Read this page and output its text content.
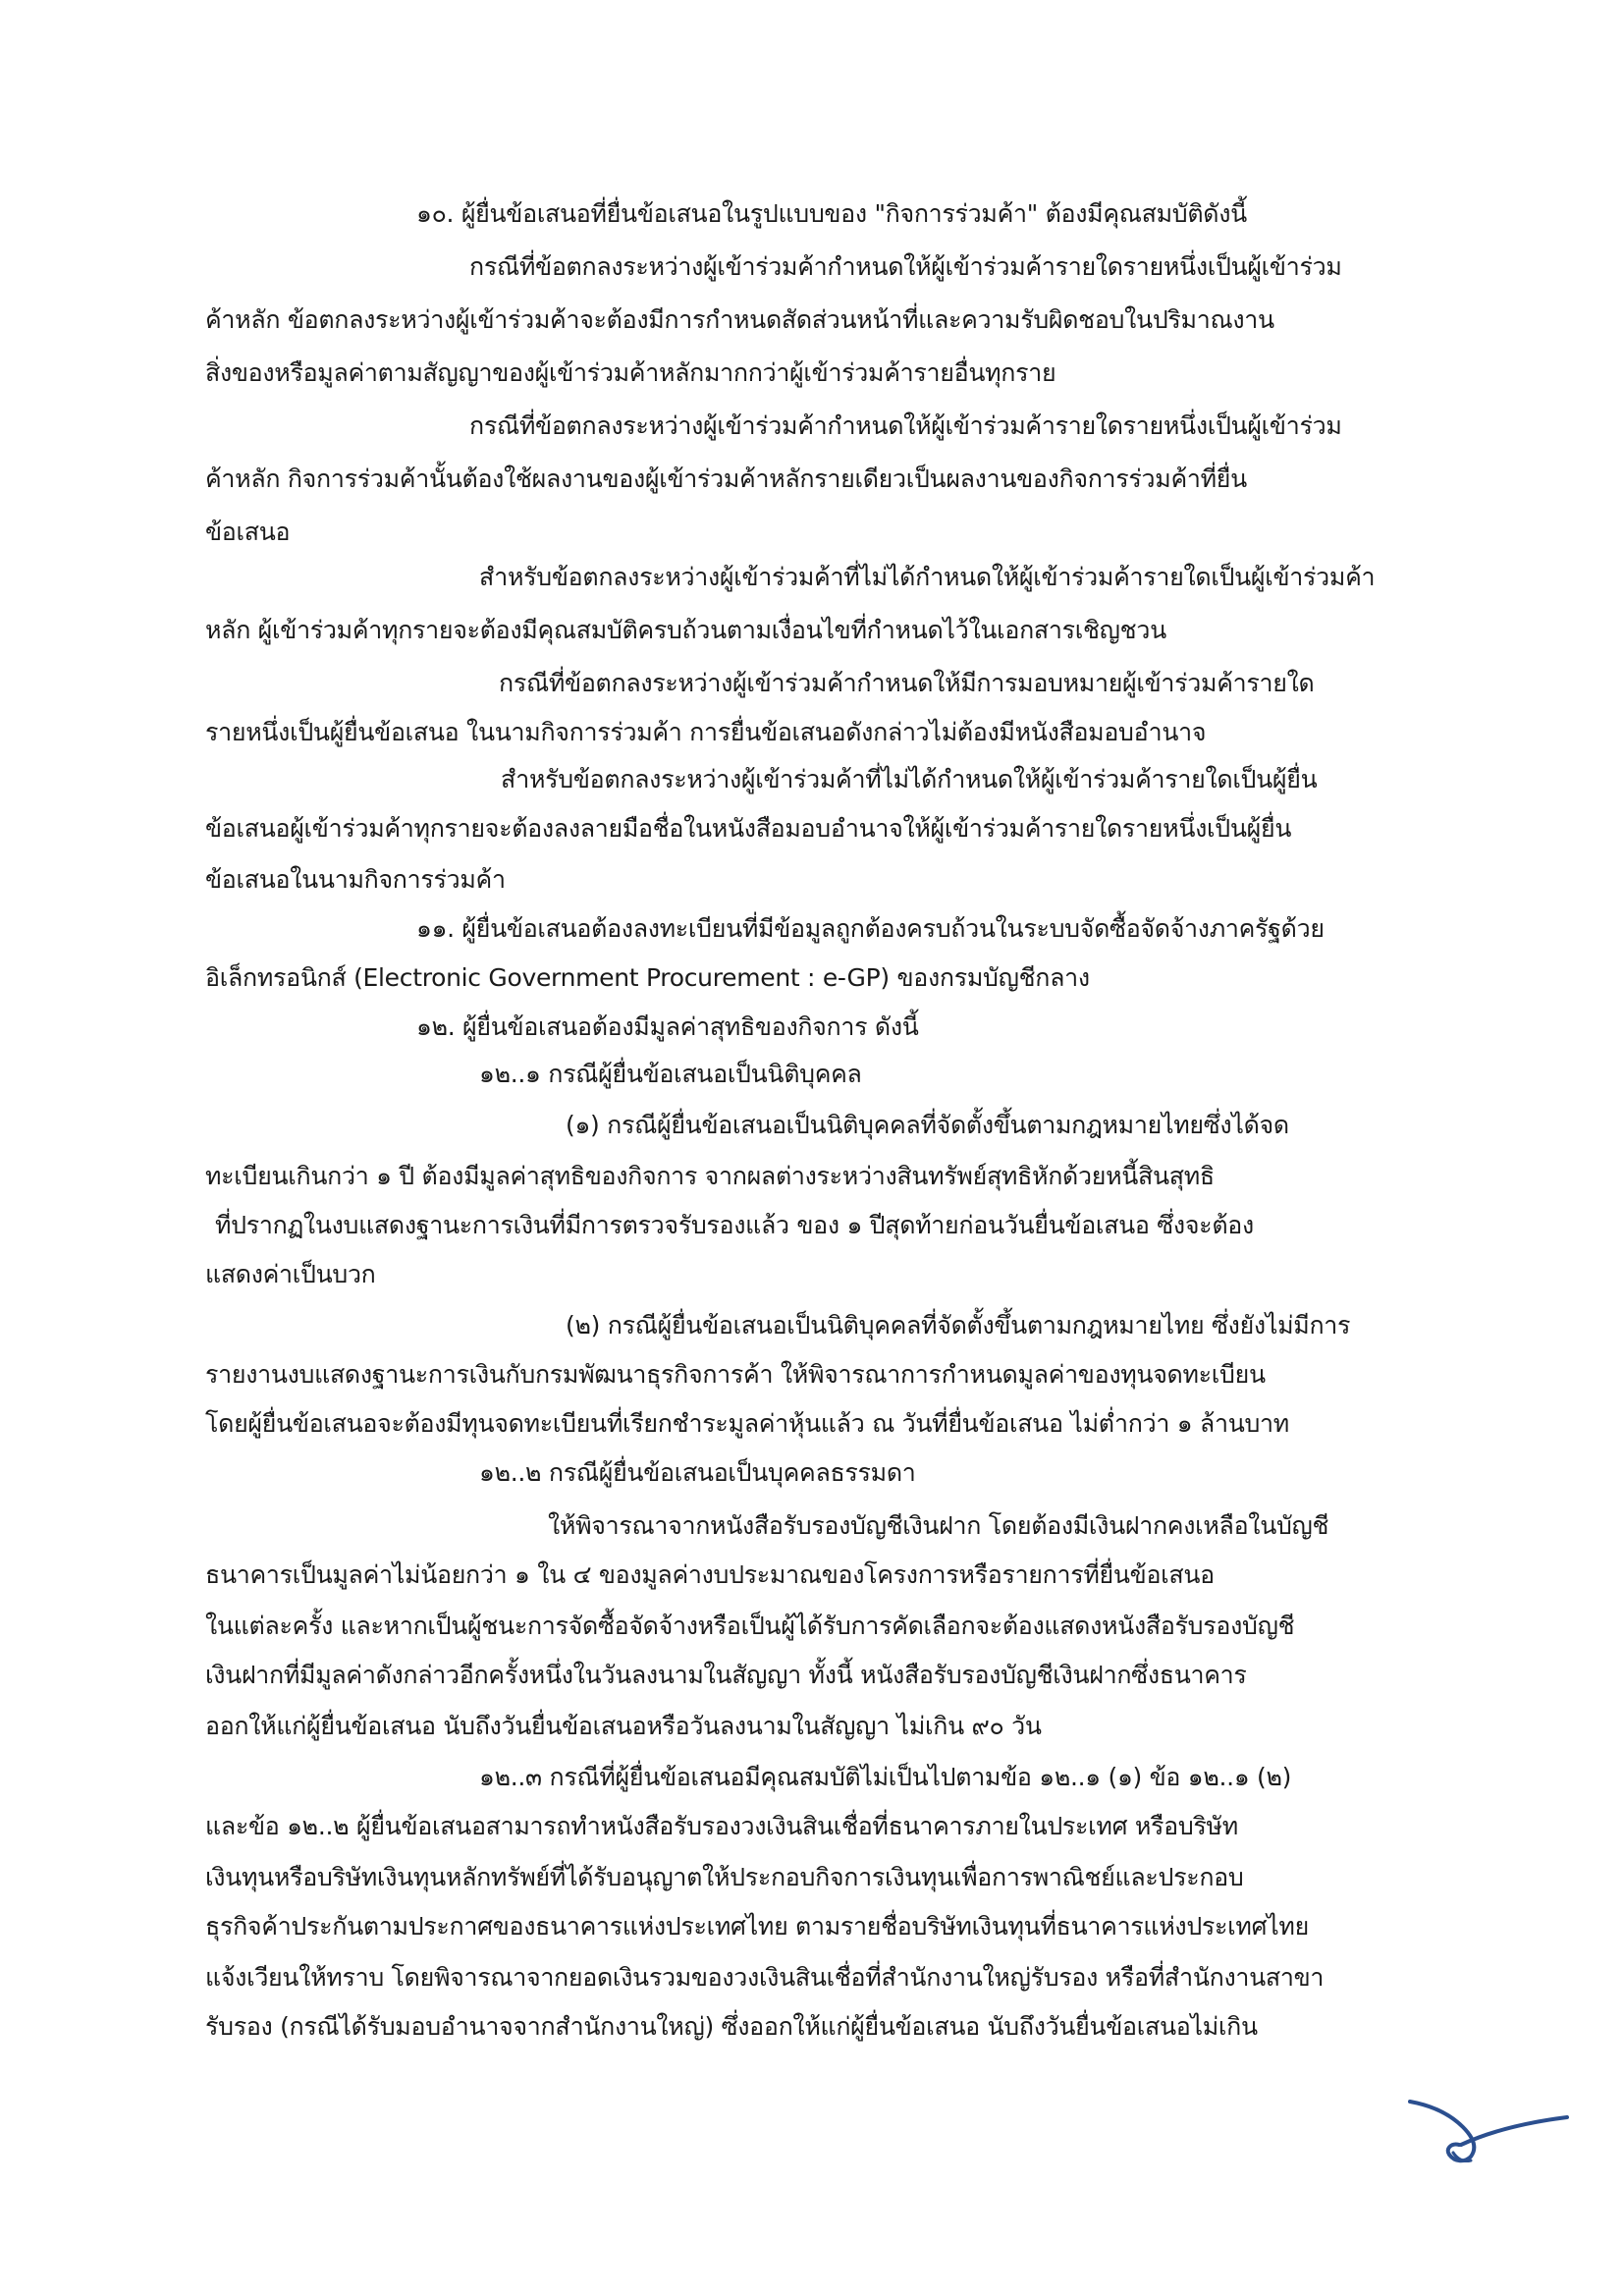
๑๐. ผู้ยื่นข้อเสนอที่ยื่นข้อเสนอในรูปแบบของ "กิจการร่วมค้า" ต้องมีคุณสมบัติดังนี้

กรณีที่ข้อตกลงระหว่างผู้เข้าร่วมค้ากำหนดให้ผู้เข้าร่วมค้ารายใดรายหนึ่งเป็นผู้เข้าร่วม

ค้าหลัก ข้อตกลงระหว่างผู้เข้าร่วมค้าจะต้องมีการกำหนดสัดส่วนหน้าที่และความรับผิดชอบในปริมาณงาน

สิ่งของหรือมูลค่าตามสัญญาของผู้เข้าร่วมค้าหลักมากกว่าผู้เข้าร่วมค้ารายอื่นทุกราย

กรณีที่ข้อตกลงระหว่างผู้เข้าร่วมค้ากำหนดให้ผู้เข้าร่วมค้ารายใดรายหนึ่งเป็นผู้เข้าร่วม

ค้าหลัก กิจการร่วมค้านั้นต้องใช้ผลงานของผู้เข้าร่วมค้าหลักรายเดียวเป็นผลงานของกิจการร่วมค้าที่ยื่น

ข้อเสนอ

สำหรับข้อตกลงระหว่างผู้เข้าร่วมค้าที่ไม่ได้กำหนดให้ผู้เข้าร่วมค้ารายใดเป็นผู้เข้าร่วมค้า

หลัก ผู้เข้าร่วมค้าทุกรายจะต้องมีคุณสมบัติครบถ้วนตามเงื่อนไขที่กำหนดไว้ในเอกสารเชิญชวน

กรณีที่ข้อตกลงระหว่างผู้เข้าร่วมค้ากำหนดให้มีการมอบหมายผู้เข้าร่วมค้ารายใด

รายหนึ่งเป็นผู้ยื่นข้อเสนอ ในนามกิจการร่วมค้า การยื่นข้อเสนอดังกล่าวไม่ต้องมีหนังสือมอบอำนาจ

สำหรับข้อตกลงระหว่างผู้เข้าร่วมค้าที่ไม่ได้กำหนดให้ผู้เข้าร่วมค้ารายใดเป็นผู้ยื่น

ข้อเสนอผู้เข้าร่วมค้าทุกรายจะต้องลงลายมือชื่อในหนังสือมอบอำนาจให้ผู้เข้าร่วมค้ารายใดรายหนึ่งเป็นผู้ยื่น

ข้อเสนอในนามกิจการร่วมค้า

๑๑. ผู้ยื่นข้อเสนอต้องลงทะเบียนที่มีข้อมูลถูกต้องครบถ้วนในระบบจัดซื้อจัดจ้างภาครัฐด้วย

อิเล็กทรอนิกส์ (Electronic Government Procurement : e-GP) ของกรมบัญชีกลาง

๑๒. ผู้ยื่นข้อเสนอต้องมีมูลค่าสุทธิของกิจการ ดังนี้

๑๒..๑ กรณีผู้ยื่นข้อเสนอเป็นนิติบุคคล

(๑) กรณีผู้ยื่นข้อเสนอเป็นนิติบุคคลที่จัดตั้งขึ้นตามกฎหมายไทยซึ่งได้จด

ทะเบียนเกินกว่า ๑ ปี ต้องมีมูลค่าสุทธิของกิจการ จากผลต่างระหว่างสินทรัพย์สุทธิหักด้วยหนี้สินสุทธิ

ที่ปรากฏในงบแสดงฐานะการเงินที่มีการตรวจรับรองแล้ว ของ ๑ ปีสุดท้ายก่อนวันยื่นข้อเสนอ ซึ่งจะต้อง

แสดงค่าเป็นบวก

(๒) กรณีผู้ยื่นข้อเสนอเป็นนิติบุคคลที่จัดตั้งขึ้นตามกฎหมายไทย ซึ่งยังไม่มีการ

รายงานงบแสดงฐานะการเงินกับกรมพัฒนาธุรกิจการค้า ให้พิจารณาการกำหนดมูลค่าของทุนจดทะเบียน

โดยผู้ยื่นข้อเสนอจะต้องมีทุนจดทะเบียนที่เรียกชำระมูลค่าหุ้นแล้ว ณ วันที่ยื่นข้อเสนอ ไม่ต่ำกว่า ๑ ล้านบาท

๑๒..๒ กรณีผู้ยื่นข้อเสนอเป็นบุคคลธรรมดา

ให้พิจารณาจากหนังสือรับรองบัญชีเงินฝาก โดยต้องมีเงินฝากคงเหลือในบัญชี

ธนาคารเป็นมูลค่าไม่น้อยกว่า ๑ ใน ๔ ของมูลค่างบประมาณของโครงการหรือรายการที่ยื่นข้อเสนอ

ในแต่ละครั้ง และหากเป็นผู้ชนะการจัดซื้อจัดจ้างหรือเป็นผู้ได้รับการคัดเลือกจะต้องแสดงหนังสือรับรองบัญชี

เงินฝากที่มีมูลค่าดังกล่าวอีกครั้งหนึ่งในวันลงนามในสัญญา ทั้งนี้ หนังสือรับรองบัญชีเงินฝากซึ่งธนาคาร

ออกให้แก่ผู้ยื่นข้อเสนอ นับถึงวันยื่นข้อเสนอหรือวันลงนามในสัญญา ไม่เกิน ๙๐ วัน

๑๒..๓ กรณีที่ผู้ยื่นข้อเสนอมีคุณสมบัติไม่เป็นไปตามข้อ ๑๒..๑ (๑) ข้อ ๑๒..๑ (๒)

และข้อ ๑๒..๒ ผู้ยื่นข้อเสนอสามารถทำหนังสือรับรองวงเงินสินเชื่อที่ธนาคารภายในประเทศ หรือบริษัท

เงินทุนหรือบริษัทเงินทุนหลักทรัพย์ที่ได้รับอนุญาตให้ประกอบกิจการเงินทุนเพื่อการพาณิชย์และประกอบ

ธุรกิจค้าประกันตามประกาศของธนาคารแห่งประเทศไทย ตามรายชื่อบริษัทเงินทุนที่ธนาคารแห่งประเทศไทย

แจ้งเวียนให้ทราบ โดยพิจารณาจากยอดเงินรวมของวงเงินสินเชื่อที่สำนักงานใหญ่รับรอง หรือที่สำนักงานสาขา

รับรอง (กรณีได้รับมอบอำนาจจากสำนักงานใหญ่) ซึ่งออกให้แก่ผู้ยื่นข้อเสนอ นับถึงวันยื่นข้อเสนอไม่เกิน
